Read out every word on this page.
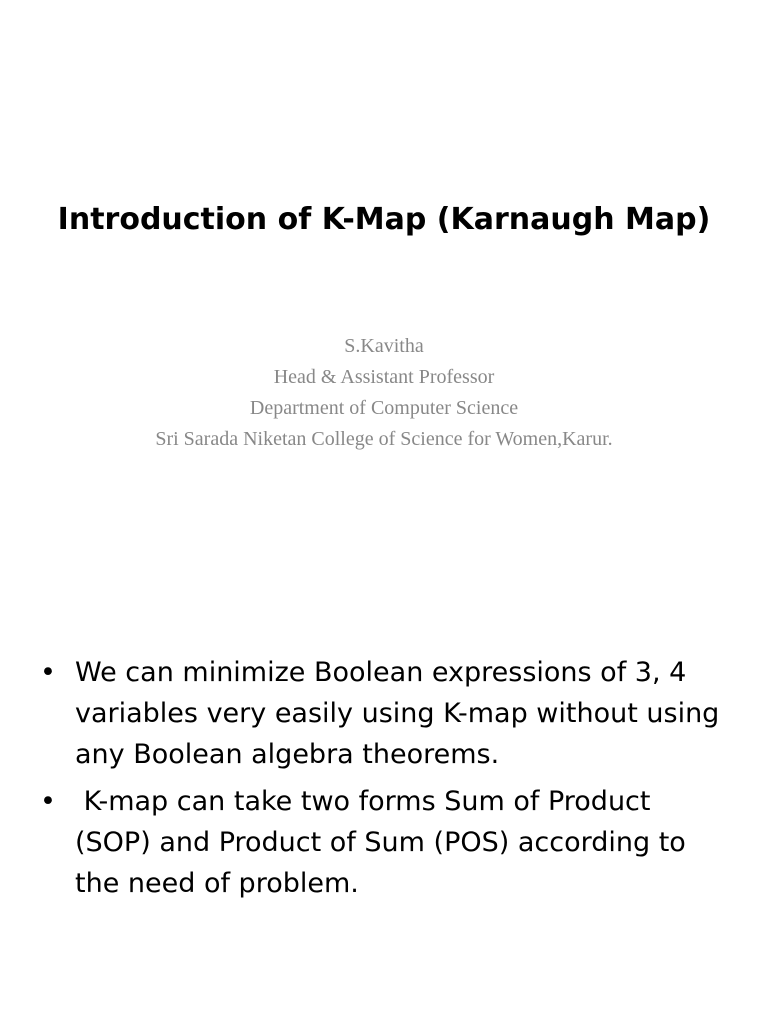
Introduction of K-Map (Karnaugh Map)
S.Kavitha
Head & Assistant Professor
Department of Computer Science
Sri Sarada Niketan College of Science for Women,Karur.
• We can minimize Boolean expressions of 3, 4 variables very easily using K-map without using any Boolean algebra theorems.
• K-map can take two forms Sum of Product (SOP) and Product of Sum (POS) according to the need of problem.
